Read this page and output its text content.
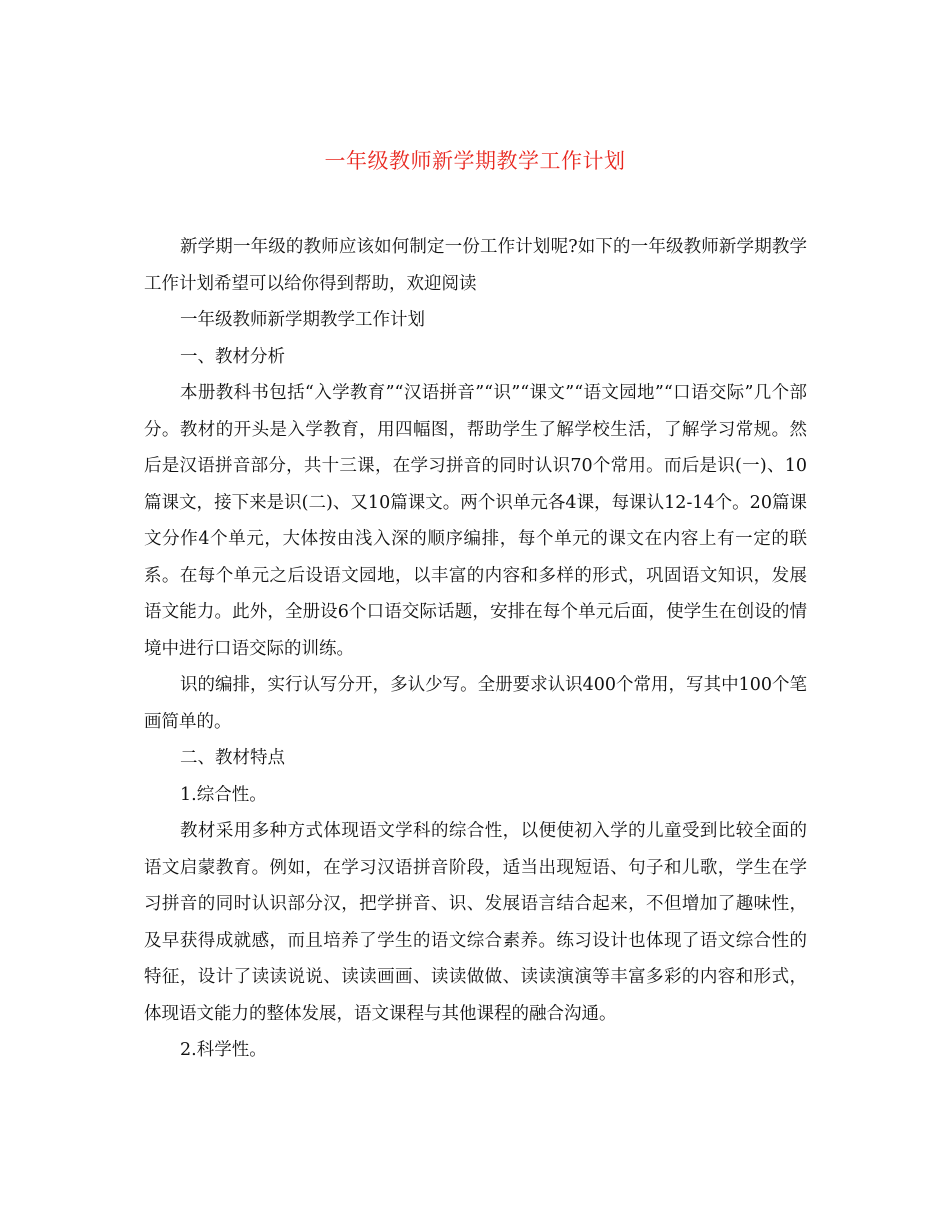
一年级教师新学期教学工作计划

新学期一年级的教师应该如何制定一份工作计划呢?如下的一年级教师新学期教学工作计划希望可以给你得到帮助，欢迎阅读

一年级教师新学期教学工作计划

一、教材分析

本册教科书包括“入学教育”“汉语拼音”“识”“课文”“语文园地”“口语交际”几个部分。教材的开头是入学教育，用四幅图，帮助学生了解学校生活，了解学习常规。然后是汉语拼音部分，共十三课，在学习拼音的同时认识70个常用。而后是识(一)、10篇课文，接下来是识(二)、又10篇课文。两个识单元各4课，每课认12-14个。20篇课文分作4个单元，大体按由浅入深的顺序编排，每个单元的课文在内容上有一定的联系。在每个单元之后设语文园地，以丰富的内容和多样的形式，巩固语文知识，发展语文能力。此外，全册设6个口语交际话题，安排在每个单元后面，使学生在创设的情境中进行口语交际的训练。

识的编排，实行认写分开，多认少写。全册要求认识400个常用，写其中100个笔画简单的。

二、教材特点

1.综合性。

教材采用多种方式体现语文学科的综合性，以便使初入学的儿童受到比较全面的语文启蒙教育。例如，在学习汉语拼音阶段，适当出现短语、句子和儿歌，学生在学习拼音的同时认识部分汉，把学拼音、识、发展语言结合起来，不但增加了趣味性，及早获得成就感，而且培养了学生的语文综合素养。练习设计也体现了语文综合性的特征，设计了读读说说、读读画画、读读做做、读读演演等丰富多彩的内容和形式，体现语文能力的整体发展，语文课程与其他课程的融合沟通。

2.科学性。
